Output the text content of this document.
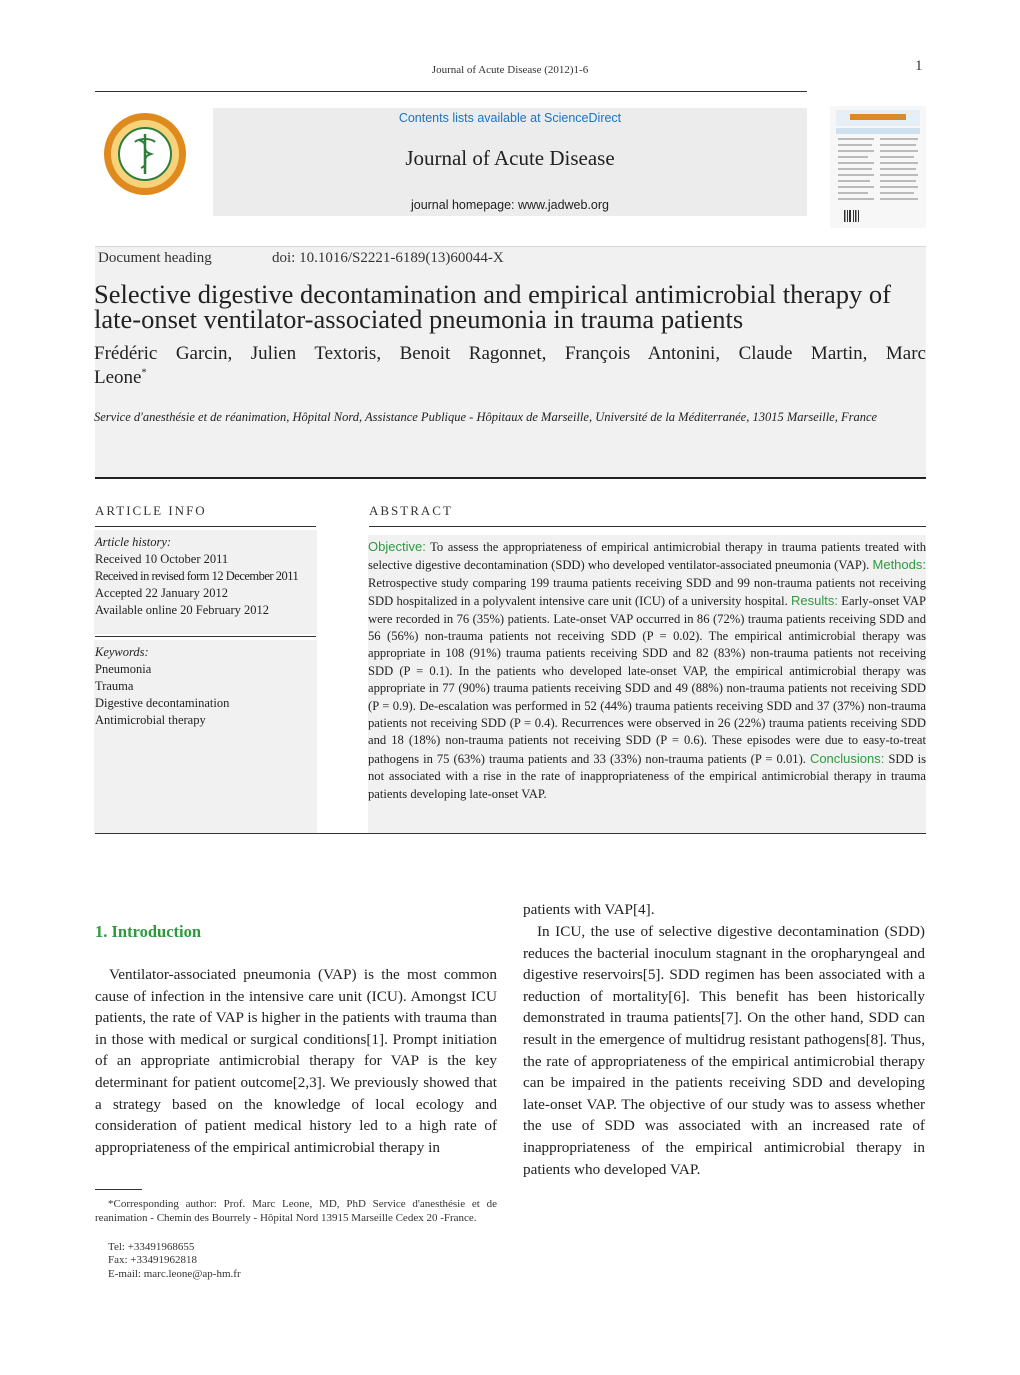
Journal of Acute Disease (2012)1-6	1
Contents lists available at ScienceDirect
Journal of Acute Disease
journal homepage: www.jadweb.org
Document heading	doi: 10.1016/S2221-6189(13)60044-X
Selective digestive decontamination and empirical antimicrobial therapy of late-onset ventilator-associated pneumonia in trauma patients
Frédéric Garcin, Julien Textoris, Benoit Ragonnet, François Antonini, Claude Martin, Marc
Leone*
Service d'anesthésie et de réanimation, Hôpital Nord, Assistance Publique - Hôpitaux de Marseille, Université de la Méditerranée, 13015 Marseille, France
ARTICLE INFO	ABSTRACT
Article history:
Received 10 October 2011
Received in revised form 12 December 2011
Accepted 22 January 2012
Available online 20 February 2012
Keywords:
Pneumonia
Trauma
Digestive decontamination
Antimicrobial therapy
Objective: To assess the appropriateness of empirical antimicrobial therapy in trauma patients treated with selective digestive decontamination (SDD) who developed ventilator-associated pneumonia (VAP). Methods: Retrospective study comparing 199 trauma patients receiving SDD and 99 non-trauma patients not receiving SDD hospitalized in a polyvalent intensive care unit (ICU) of a university hospital. Results: Early-onset VAP were recorded in 76 (35%) patients. Late-onset VAP occurred in 86 (72%) trauma patients receiving SDD and 56 (56%) non-trauma patients not receiving SDD (P = 0.02). The empirical antimicrobial therapy was appropriate in 108 (91%) trauma patients receiving SDD and 82 (83%) non-trauma patients not receiving SDD (P = 0.1). In the patients who developed late-onset VAP, the empirical antimicrobial therapy was appropriate in 77 (90%) trauma patients receiving SDD and 49 (88%) non-trauma patients not receiving SDD (P = 0.9). De-escalation was performed in 52 (44%) trauma patients receiving SDD and 37 (37%) non-trauma patients not receiving SDD (P = 0.4). Recurrences were observed in 26 (22%) trauma patients receiving SDD and 18 (18%) non-trauma patients not receiving SDD (P = 0.6). These episodes were due to easy-to-treat pathogens in 75 (63%) trauma patients and 33 (33%) non-trauma patients (P = 0.01). Conclusions: SDD is not associated with a rise in the rate of inappropriateness of the empirical antimicrobial therapy in trauma patients developing late-onset VAP.
1. Introduction

Ventilator-associated pneumonia (VAP) is the most common cause of infection in the intensive care unit (ICU). Amongst ICU patients, the rate of VAP is higher in the patients with trauma than in those with medical or surgical conditions[1]. Prompt initiation of an appropriate antimicrobial therapy for VAP is the key determinant for patient outcome[2,3]. We previously showed that a strategy based on the knowledge of local ecology and consideration of patient medical history led to a high rate of appropriateness of the empirical antimicrobial therapy in

patients with VAP[4].

In ICU, the use of selective digestive decontamination (SDD) reduces the bacterial inoculum stagnant in the oropharyngeal and digestive reservoirs[5]. SDD regimen has been associated with a reduction of mortality[6]. This benefit has been historically demonstrated in trauma patients[7]. On the other hand, SDD can result in the emergence of multidrug resistant pathogens[8]. Thus, the rate of appropriateness of the empirical antimicrobial therapy can be impaired in the patients receiving SDD and developing late-onset VAP. The objective of our study was to assess whether the use of SDD was associated with an increased rate of inappropriateness of the empirical antimicrobial therapy in patients who developed VAP.

*Corresponding author: Prof. Marc Leone, MD, PhD Service d'anesthésie et de reanimation - Chemin des Bourrely - Hôpital Nord 13915 Marseille Cedex 20 -France.
Tel: +33491968655
Fax: +33491962818
E-mail: marc.leone@ap-hm.fr
